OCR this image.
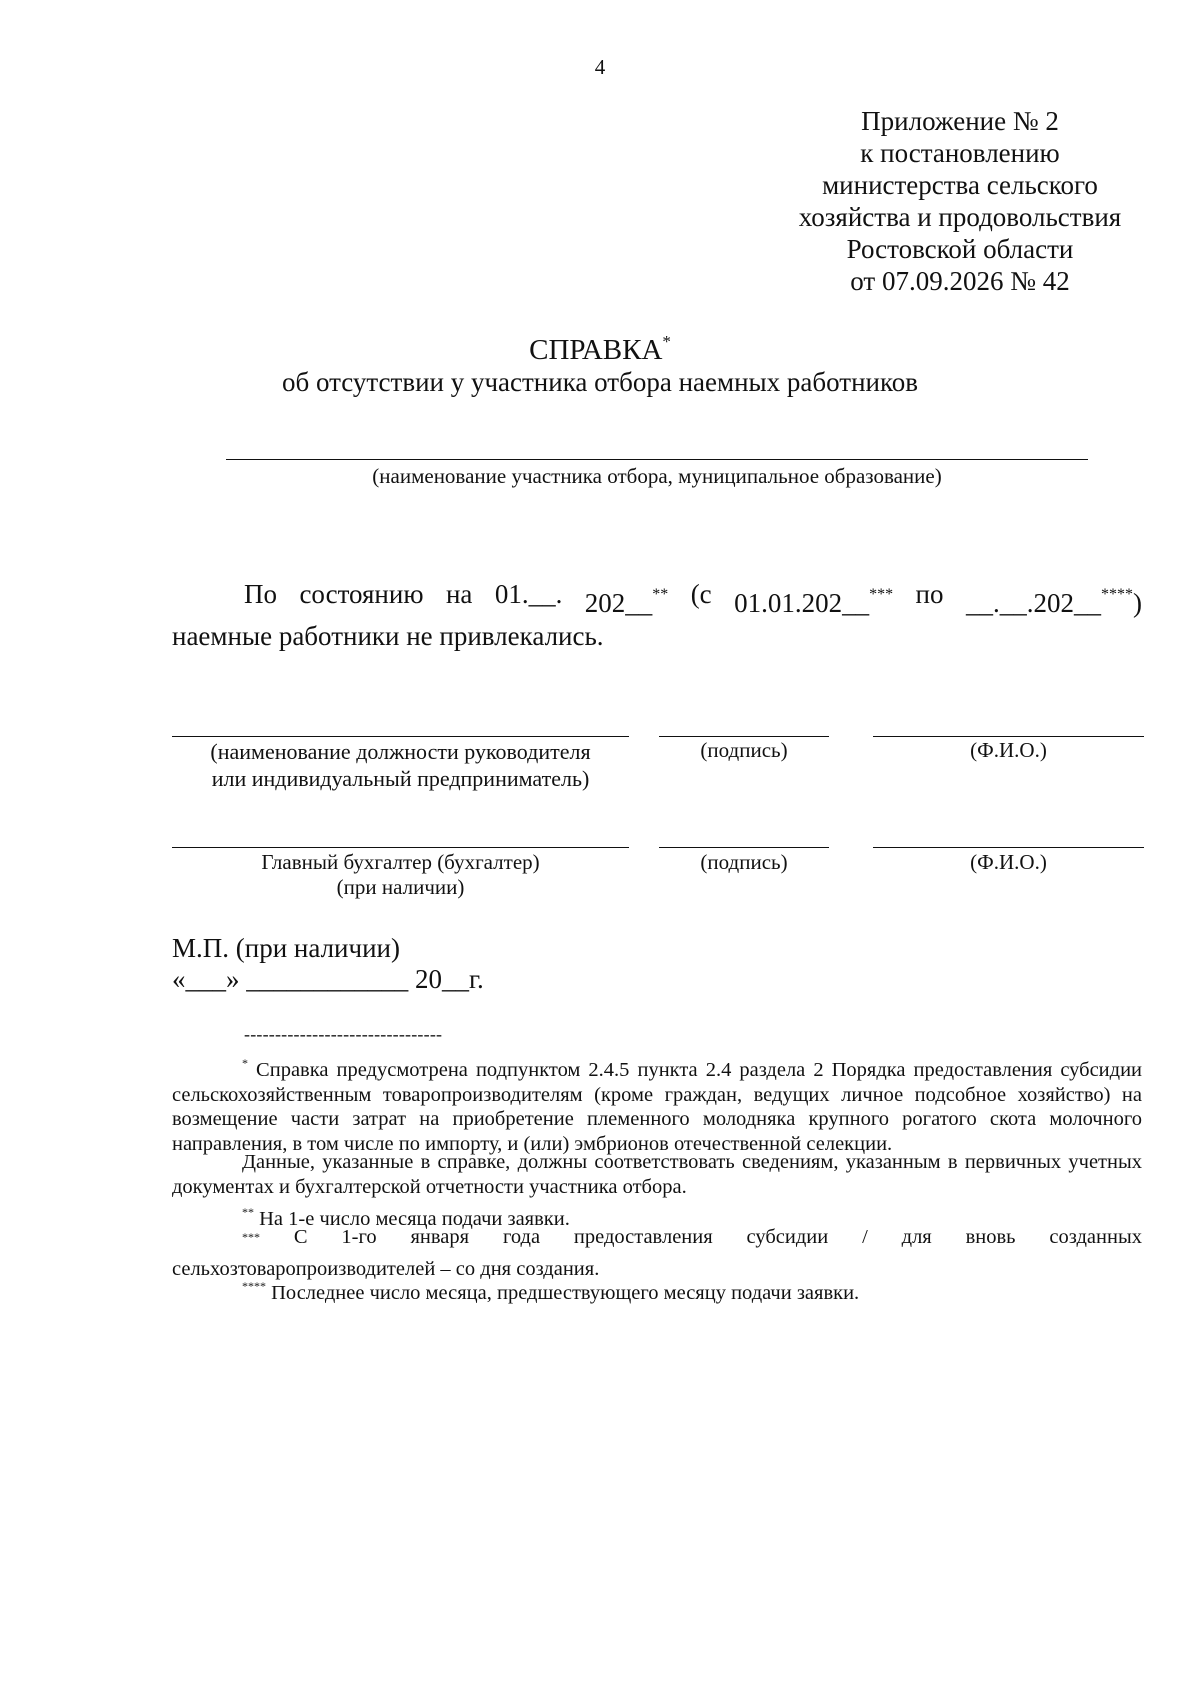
4
Приложение № 2
к постановлению
министерства сельского
хозяйства и продовольствия
Ростовской области
от 07.09.2026 № 42
СПРАВКА*
об отсутствии у участника отбора наемных работников
(наименование участника отбора, муниципальное образование)
По состоянию на 01.__. 202__** (с 01.01.202__*** по __.__.202__****)
наемные работники не привлекались.
(наименование должности руководителя
или индивидуальный предприниматель)
(подпись)	(Ф.И.О.)
Главный бухгалтер (бухгалтер)
(при наличии)
(подпись)	(Ф.И.О.)
М.П. (при наличии)
«___» ____________ 20__г.
--------------------------------
* Справка предусмотрена подпунктом 2.4.5 пункта 2.4 раздела 2 Порядка предоставления субсидии сельскохозяйственным товаропроизводителям (кроме граждан, ведущих личное подсобное хозяйство) на возмещение части затрат на приобретение племенного молодняка крупного рогатого скота молочного направления, в том числе по импорту, и (или) эмбрионов отечественной селекции.
Данные, указанные в справке, должны соответствовать сведениям, указанным в первичных учетных документах и бухгалтерской отчетности участника отбора.
** На 1-е число месяца подачи заявки.
*** С 1-го января года предоставления субсидии / для вновь созданных
сельхозтоваропроизводителей – со дня создания.
**** Последнее число месяца, предшествующего месяцу подачи заявки.
